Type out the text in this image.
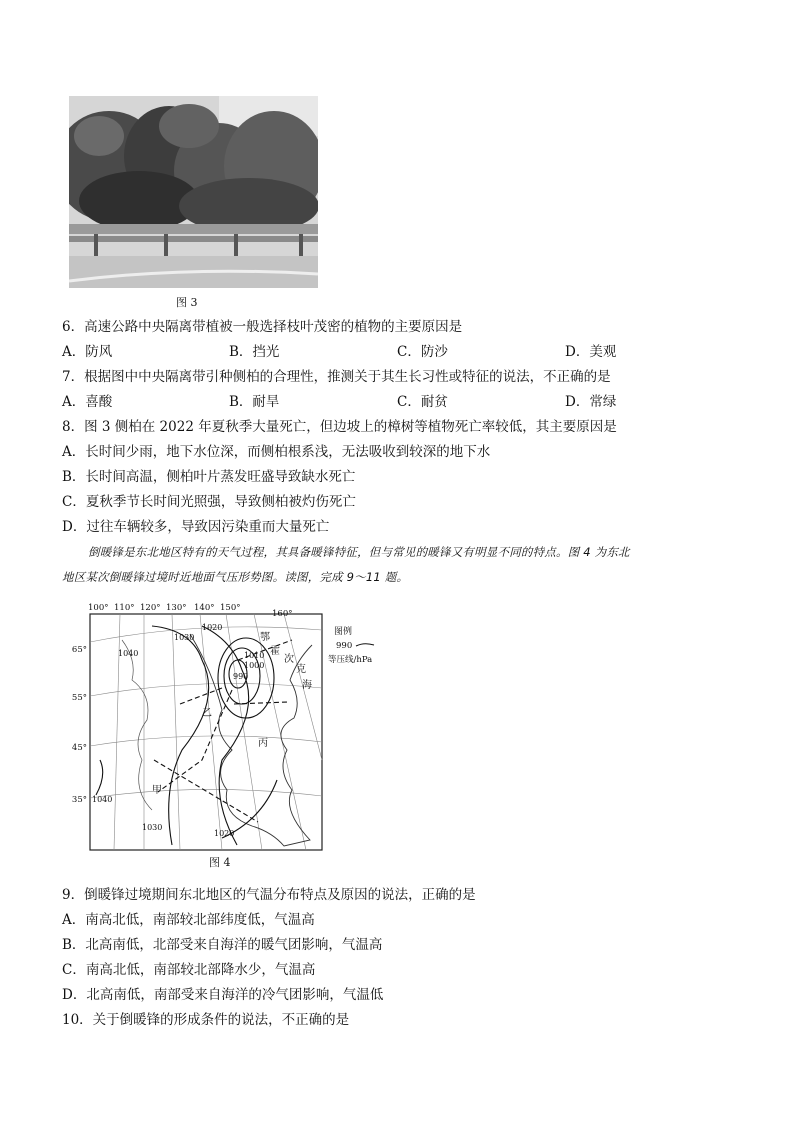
图 3
6．高速公路中央隔离带植被一般选择枝叶茂密的植物的主要原因是
A．防风	B．挡光	C．防沙	D．美观
7．根据图中中央隔离带引种侧柏的合理性，推测关于其生长习性或特征的说法，不正确的是
A．喜酸	B．耐旱	C．耐贫	D．常绿
8．图 3 侧柏在 2022 年夏秋季大量死亡，但边坡上的樟树等植物死亡率较低，其主要原因是
A．长时间少雨，地下水位深，而侧柏根系浅，无法吸收到较深的地下水
B．长时间高温，侧柏叶片蒸发旺盛导致缺水死亡
C．夏秋季节长时间光照强，导致侧柏被灼伤死亡
D．过往车辆较多，导致因污染重而大量死亡
倒暖锋是东北地区特有的天气过程，其具备暖锋特征，但与常见的暖锋又有明显不同的特点。图 4 为东北
地区某次倒暖锋过境时近地面气压形势图。读图，完成 9～11 题。
100° 110° 120° 130° 140° 150°
160°
65°
55°
45°
35°
1030
1020
1040	1010
1000
990
1040
1030
1020
鄂
霍
次
克
海
甲
丙
乙
图例
990
等压线/hPa
图 4
9．倒暖锋过境期间东北地区的气温分布特点及原因的说法，正确的是
A．南高北低，南部较北部纬度低，气温高
B．北高南低，北部受来自海洋的暖气团影响，气温高
C．南高北低，南部较北部降水少，气温高
D．北高南低，南部受来自海洋的冷气团影响，气温低
10．关于倒暖锋的形成条件的说法，不正确的是
